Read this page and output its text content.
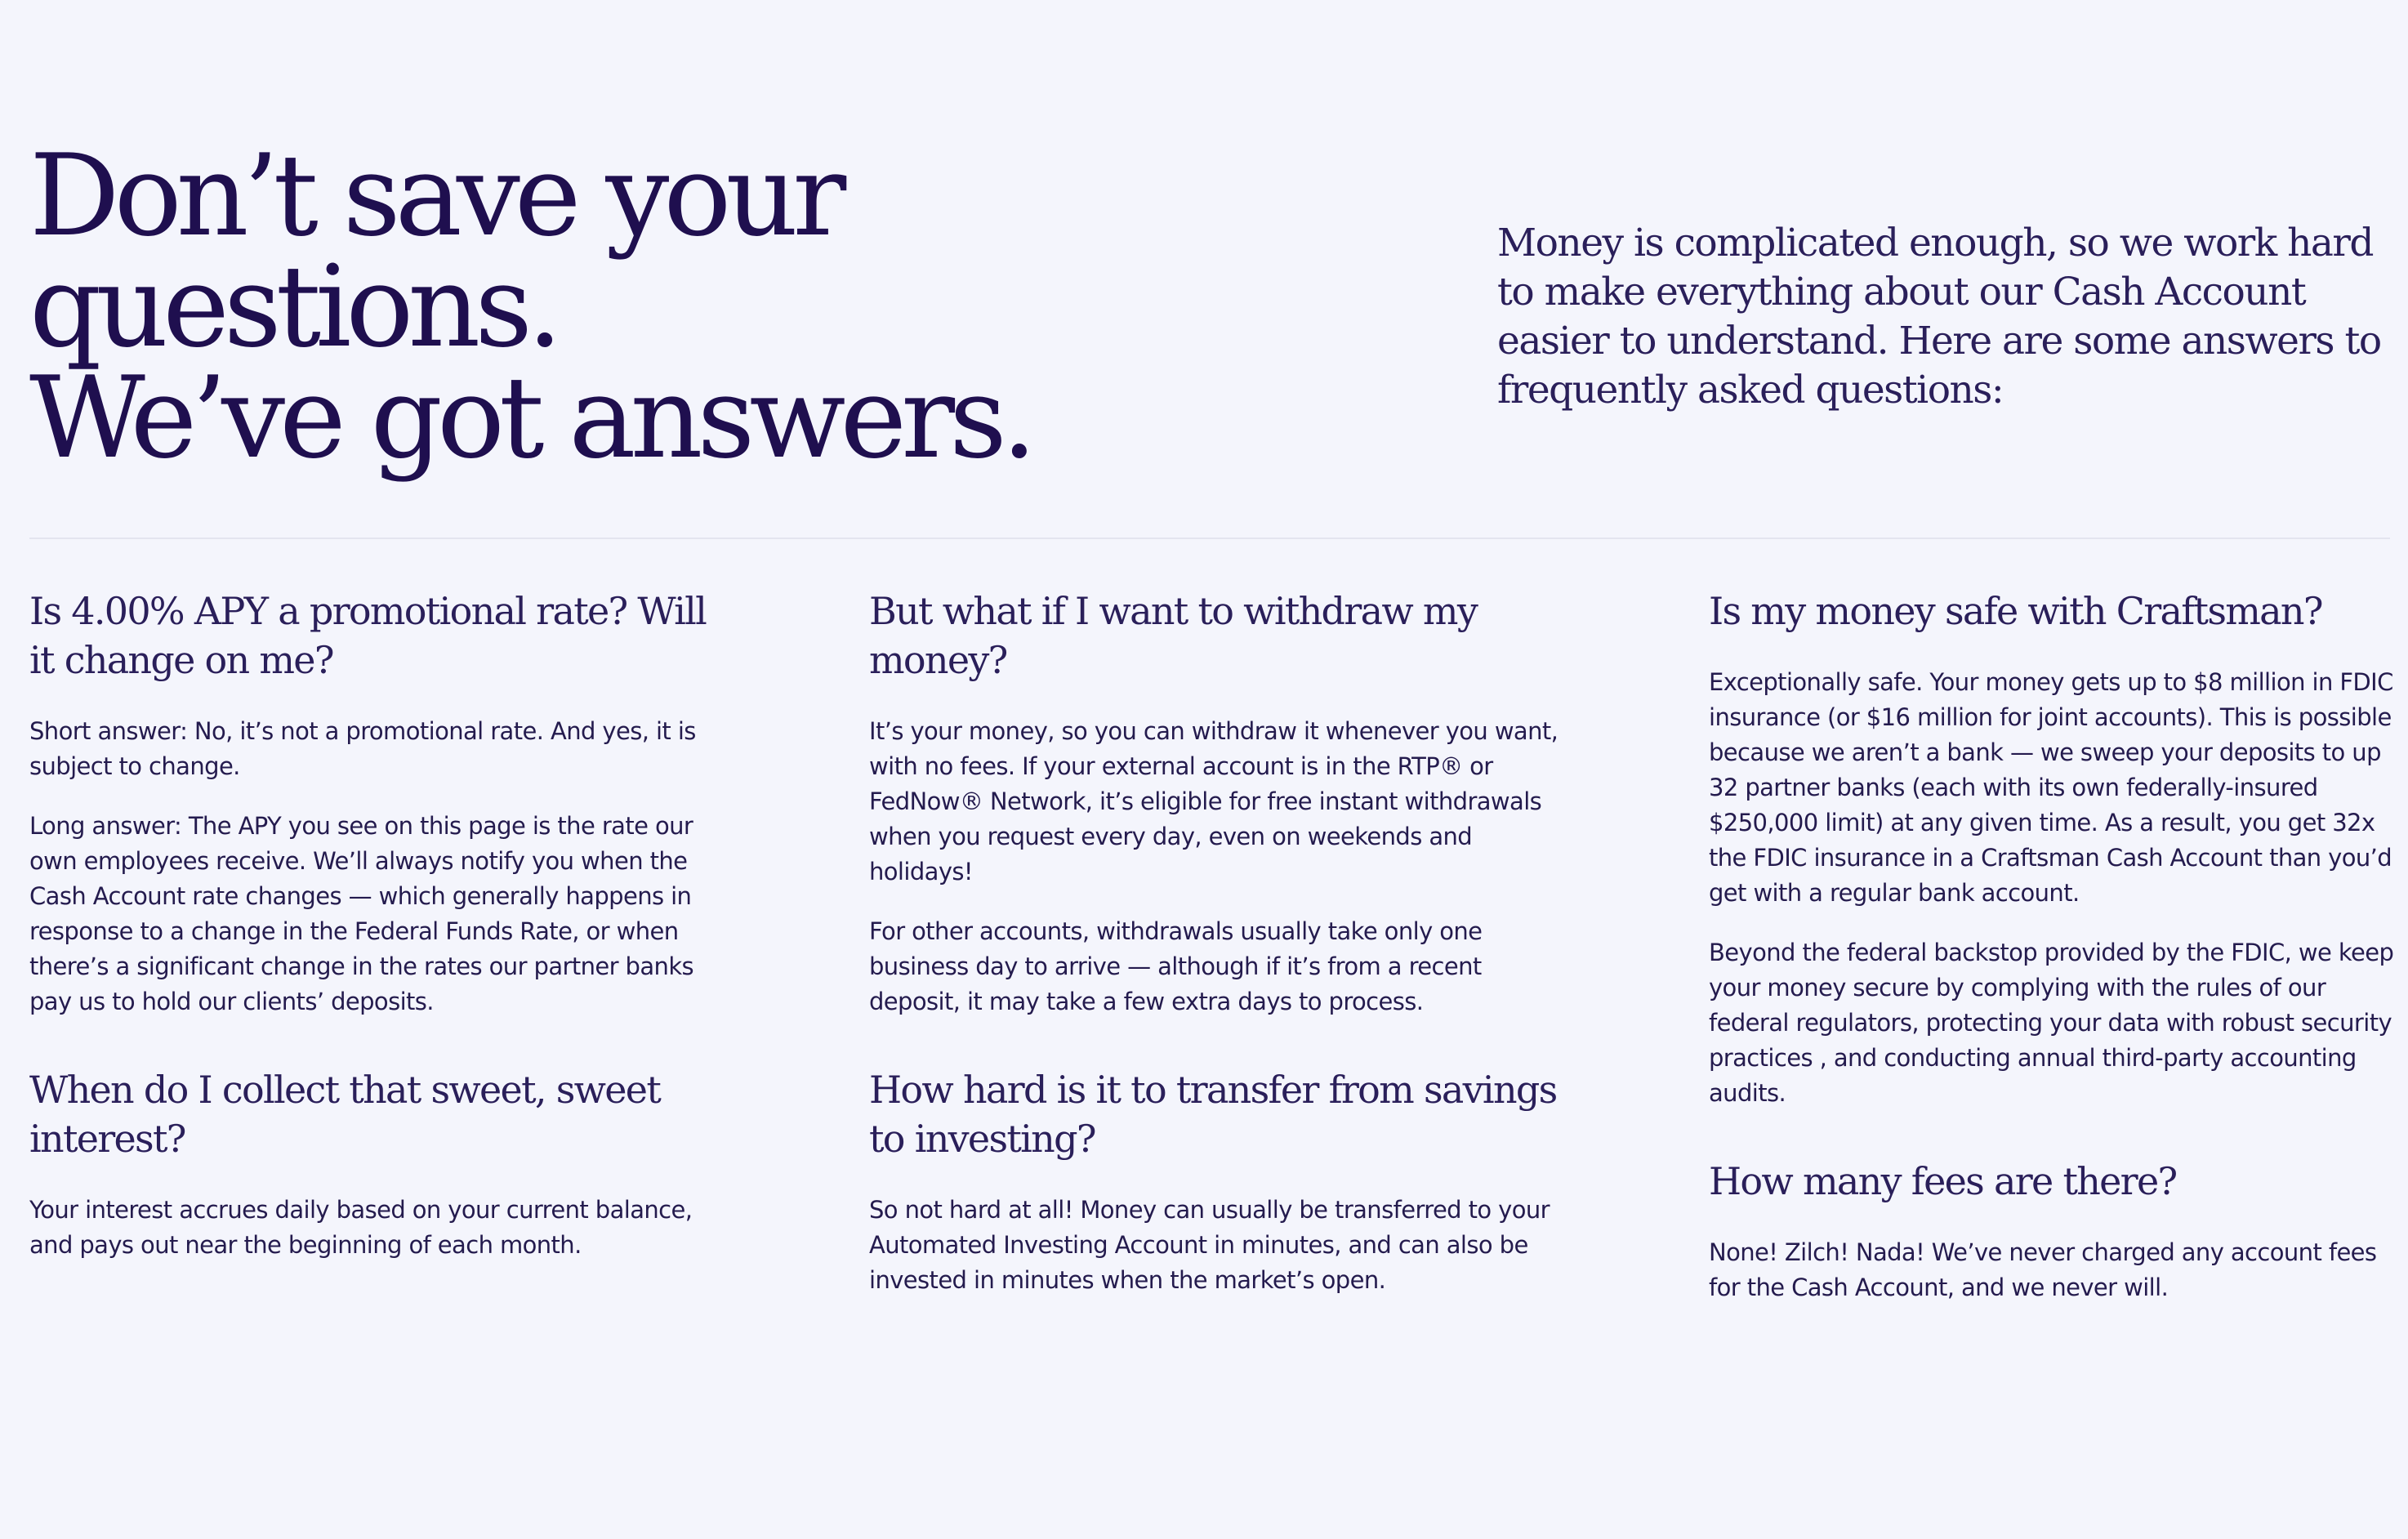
Don’t save your
questions.
We’ve got answers.

Money is complicated enough, so we work hard to make everything about our Cash Account easier to understand. Here are some answers to frequently asked questions:

Is 4.00% APY a promotional rate? Will it change on me?

Short answer: No, it’s not a promotional rate. And yes, it is subject to change.

Long answer: The APY you see on this page is the rate our own employees receive. We’ll always notify you when the Cash Account rate changes — which generally happens in response to a change in the Federal Funds Rate, or when there’s a significant change in the rates our partner banks pay us to hold our clients’ deposits.

When do I collect that sweet, sweet interest?

Your interest accrues daily based on your current balance, and pays out near the beginning of each month.

But what if I want to withdraw my money?

It’s your money, so you can withdraw it whenever you want, with no fees. If your external account is in the RTP® or FedNow® Network, it’s eligible for free instant withdrawals when you request every day, even on weekends and holidays!

For other accounts, withdrawals usually take only one business day to arrive — although if it’s from a recent deposit, it may take a few extra days to process.

How hard is it to transfer from savings to investing?

So not hard at all! Money can usually be transferred to your Automated Investing Account in minutes, and can also be invested in minutes when the market’s open.

Is my money safe with Craftsman?

Exceptionally safe. Your money gets up to $8 million in FDIC insurance (or $16 million for joint accounts). This is possible because we aren’t a bank — we sweep your deposits to up 32 partner banks (each with its own federally-insured $250,000 limit) at any given time. As a result, you get 32x the FDIC insurance in a Craftsman Cash Account than you’d get with a regular bank account.

Beyond the federal backstop provided by the FDIC, we keep your money secure by complying with the rules of our federal regulators, protecting your data with robust security practices , and conducting annual third-party accounting audits.

How many fees are there?

None! Zilch! Nada! We’ve never charged any account fees for the Cash Account, and we never will.
